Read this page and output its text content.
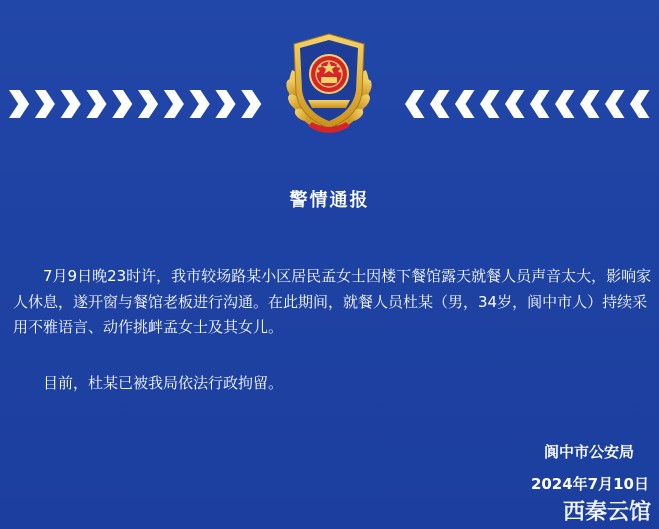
警情通报

7月9日晚23时许，我市较场路某小区居民孟女士因楼下餐馆露天就餐人员声音太大，影响家人休息，遂开窗与餐馆老板进行沟通。在此期间，就餐人员杜某（男，34岁，阆中市人）持续采用不雅语言、动作挑衅孟女士及其女儿。

目前，杜某已被我局依法行政拘留。

阆中市公安局
2024年7月10日
西秦云馆
